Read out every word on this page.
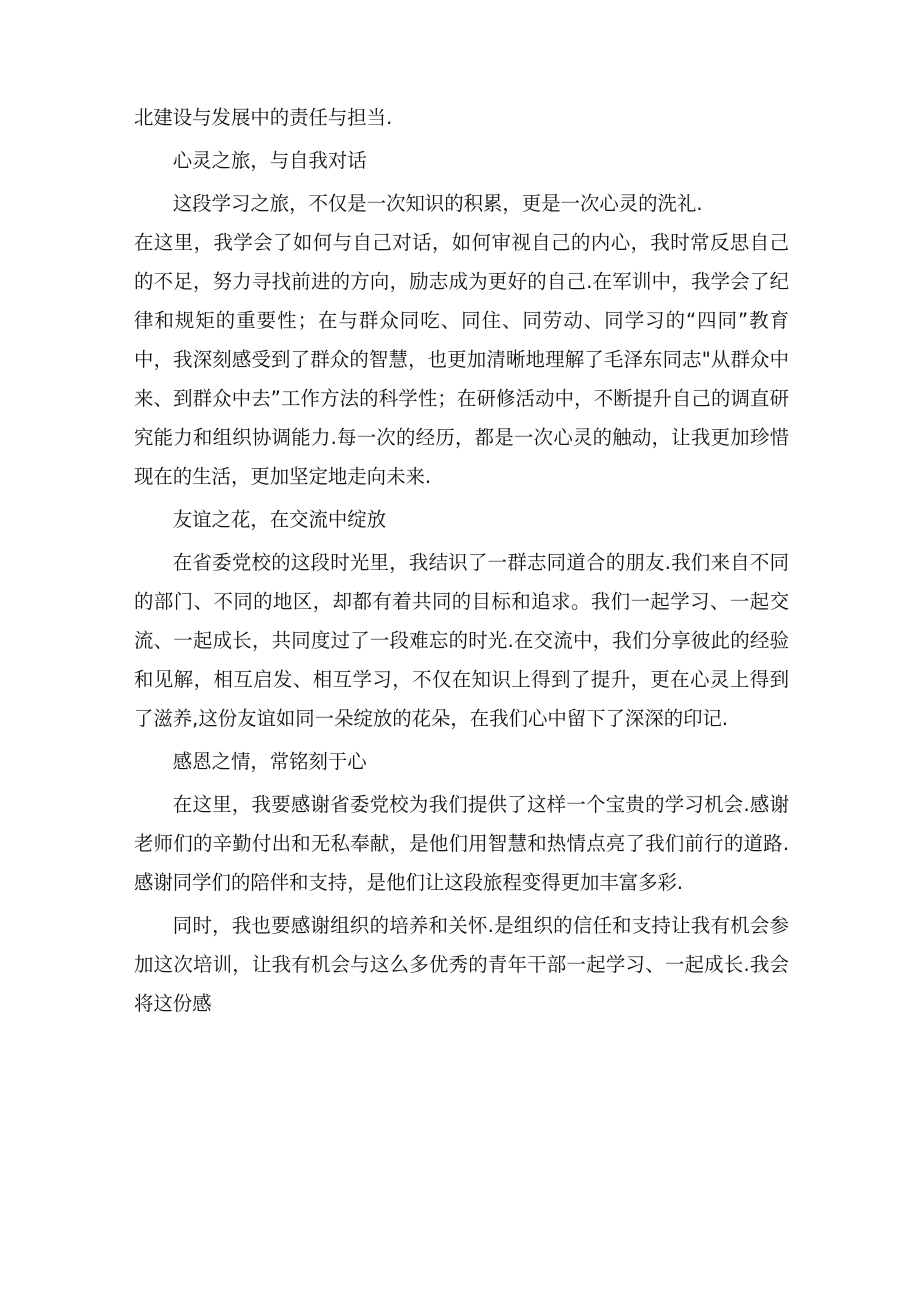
北建设与发展中的责任与担当.

心灵之旅，与自我对话

这段学习之旅，不仅是一次知识的积累，更是一次心灵的洗礼.

在这里，我学会了如何与自己对话，如何审视自己的内心，我时常反思自己的不足，努力寻找前进的方向，励志成为更好的自己.在军训中，我学会了纪律和规矩的重要性；在与群众同吃、同住、同劳动、同学习的“四同”教育中，我深刻感受到了群众的智慧，也更加清晰地理解了毛泽东同志"从群众中来、到群众中去”工作方法的科学性；在研修活动中，不断提升自己的调直研究能力和组织协调能力.每一次的经历，都是一次心灵的触动，让我更加珍惜现在的生活，更加坚定地走向未来.

友谊之花，在交流中绽放

在省委党校的这段时光里，我结识了一群志同道合的朋友.我们来自不同的部门、不同的地区，却都有着共同的目标和追求。我们一起学习、一起交流、一起成长，共同度过了一段难忘的时光.在交流中，我们分享彼此的经验和见解，相互启发、相互学习，不仅在知识上得到了提升，更在心灵上得到了滋养,这份友谊如同一朵绽放的花朵，在我们心中留下了深深的印记.

感恩之情，常铭刻于心

在这里，我要感谢省委党校为我们提供了这样一个宝贵的学习机会.感谢老师们的辛勤付出和无私奉献，是他们用智慧和热情点亮了我们前行的道路.感谢同学们的陪伴和支持，是他们让这段旅程变得更加丰富多彩.

同时，我也要感谢组织的培养和关怀.是组织的信任和支持让我有机会参加这次培训，让我有机会与这么多优秀的青年干部一起学习、一起成长.我会将这份感
